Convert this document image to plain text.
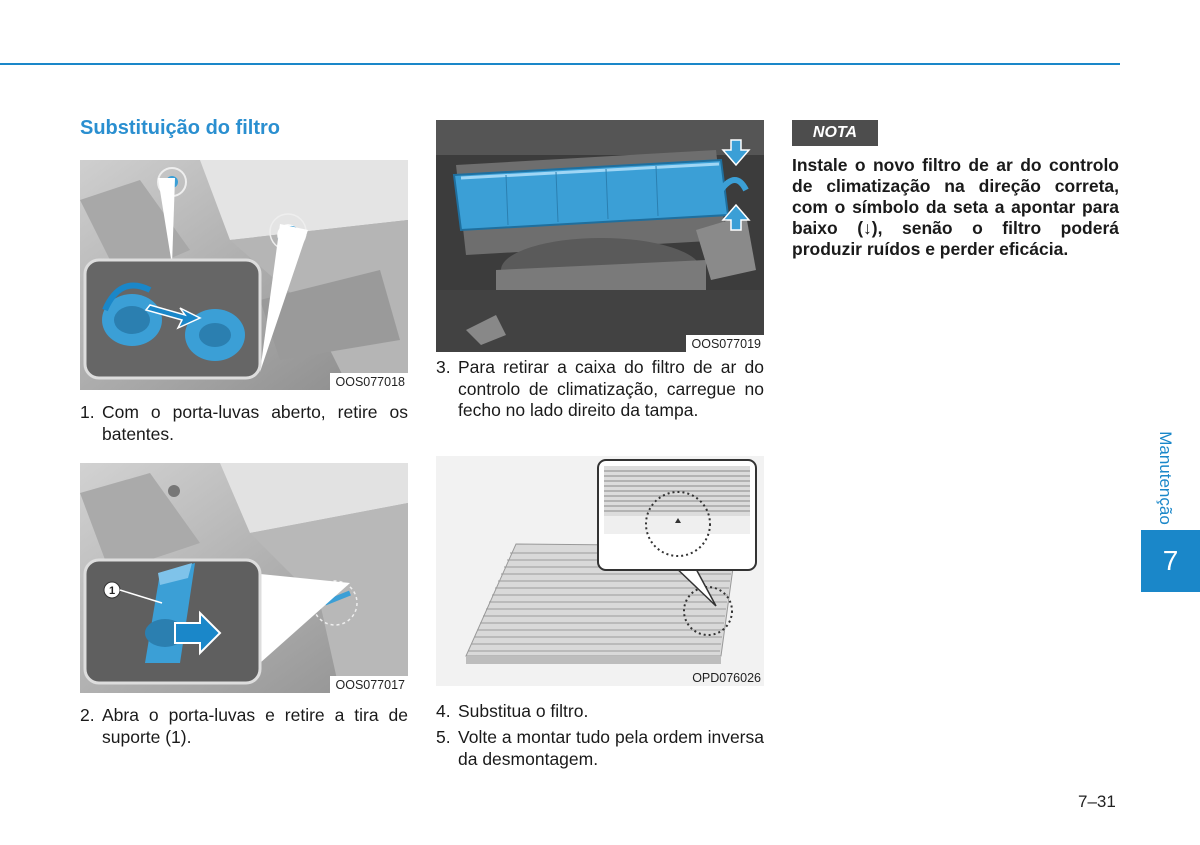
Substituição do filtro
OOS077018
1. Com o porta-luvas aberto, retire os batentes.
1
OOS077017
2. Abra o porta-luvas e retire a tira de suporte (1).
OOS077019
3. Para retirar a caixa do filtro de ar do controlo de climatização, carregue no fecho no lado direito da tampa.
OPD076026
4. Substitua o filtro.
5. Volte a montar tudo pela ordem inversa da desmontagem.
NOTA

Instale o novo filtro de ar do controlo de climatização na direção correta, com o símbolo da seta a apontar para baixo (↓), senão o filtro poderá produzir ruídos e perder eficácia.

Manutenção
7
7–31
